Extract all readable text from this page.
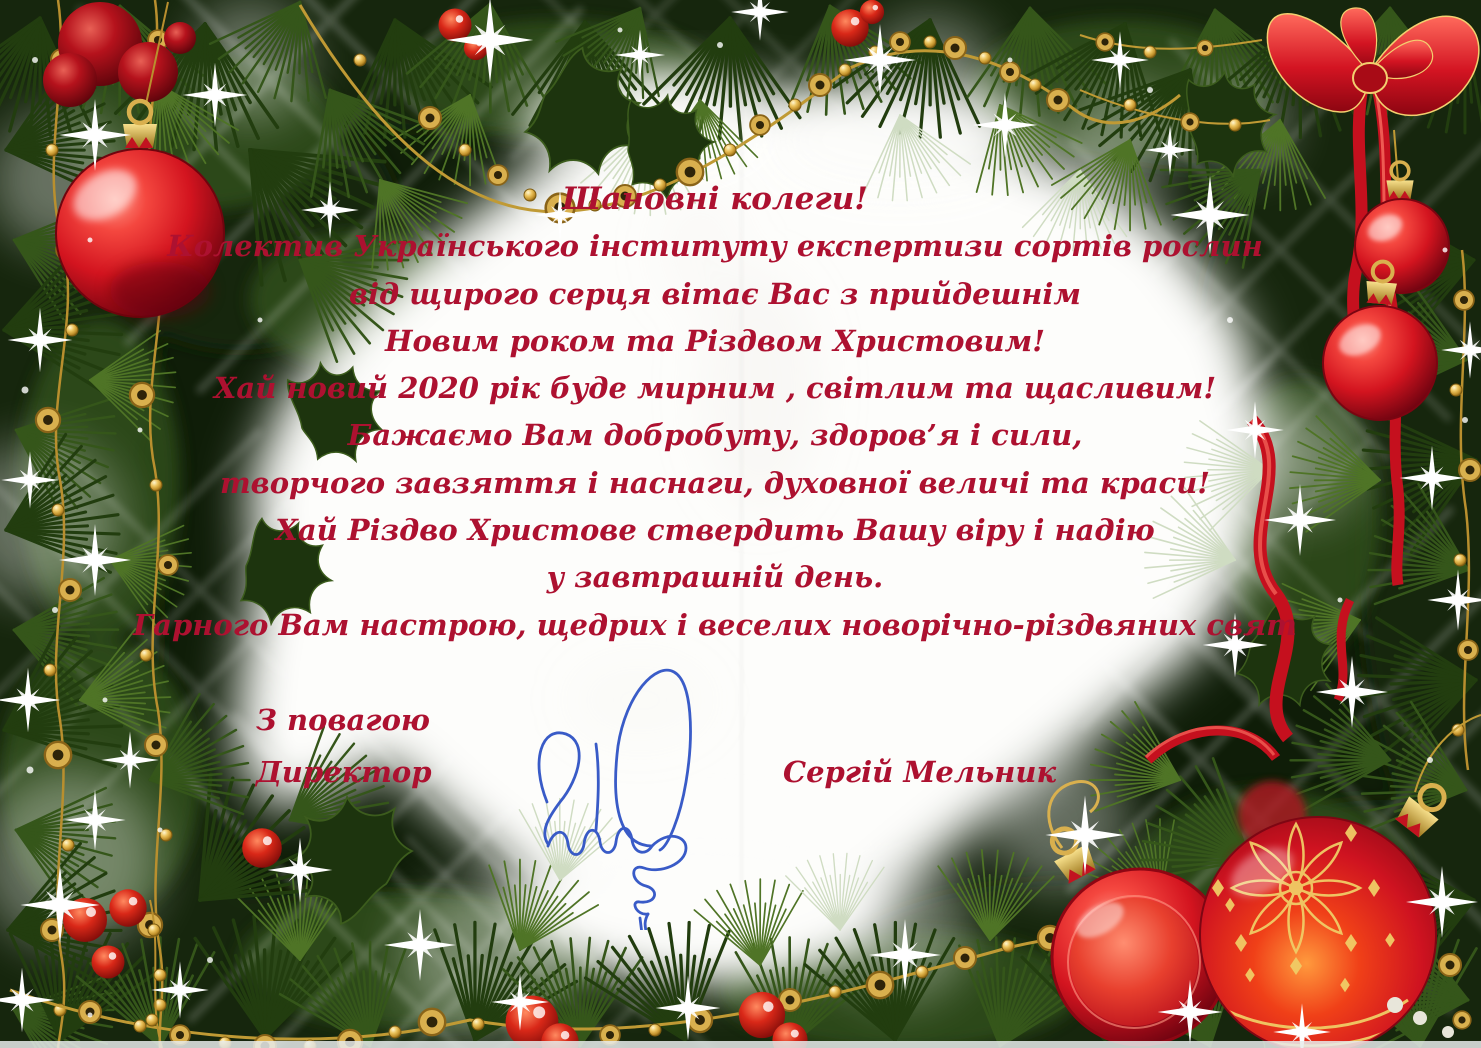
Шановні колеги!
Колектив Українського інституту експертизи сортів рослин
від щирого серця вітає Вас з прийдешнім
Новим роком та Різдвом Христовим!
Хай новий 2020 рік буде мирним , світлим та щасливим!
Бажаємо Вам добробуту, здоров’я і сили,
творчого завзяття і наснаги, духовної величі та краси!
Хай Різдво Христове ствердить Вашу віру і надію
у завтрашній день.
Гарного Вам настрою, щедрих і веселих новорічно-різдвяних свят
З повагою
Директор	Сергій Мельник
